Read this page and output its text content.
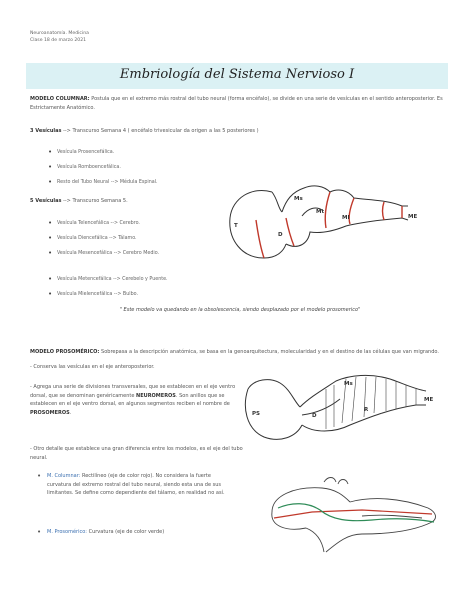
Neuroanatomía. Medicina
Clase 18 de marzo 2021
Embriología del Sistema Nervioso I
MODELO COLUMNAR: Postula que en el extremo más rostral del tubo neural (forma encéfalo), se divide en una serie de vesículas en el sentido anteroposterior. Es
Estrictamente Anatómico.
3 Vesículas --> Transcurso Semana 4 ( encéfalo trivesicular da origen a las 5 posteriores )
• Vesícula Prosencefálica.
• Vesícula Romboencefálica.
• Resto del Tubo Neural --> Médula Espinal.
5 Vesículas --> Transcurso Semana 5.
• Vesícula Telencefálica --> Cerebro.
• Vesícula Diencefálica --> Tálamo.
• Vesícula Mesencefálica --> Cerebro Medio.
• Vesícula Metencefálica --> Cerebelo y Puente.
• Vesícula Mielencefálica --> Bulbo.
T
D
Ms
Mt
MI	ME
" Este modelo va quedando en la obsolescencia, siendo desplazado por el modelo prosomerico"
MODELO PROSOMÉRICO: Sobrepasa a la descripción anatómica, se basa en la genoarquitectura, molecularidad y en el destino de las células que van migrando.
- Conserva las vesículas en el eje anteroposterior.
- Agrega una serie de divisiones transversales, que se establecen en el eje ventro
dorsal, que se denominan genéricamente NEUROMEROS. Son anillos que se
establecen en el eje ventro dorsal, en algunos segmentos reciben el nombre de
PROSOMEROS.
- Otro detalle que establece una gran diferencia entre los modelos, es el eje del tubo neural.
PS	D
Ms
R
ME
• M. Columnar: Rectilíneo (eje de color rojo). No considera la fuerte
curvatura del extremo rostral del tubo neural, siendo esta una de sus
limitantes. Se define como dependiente del tálamo, en realidad no así.
• M. Prosomérico: Curvatura (eje de color verde)
